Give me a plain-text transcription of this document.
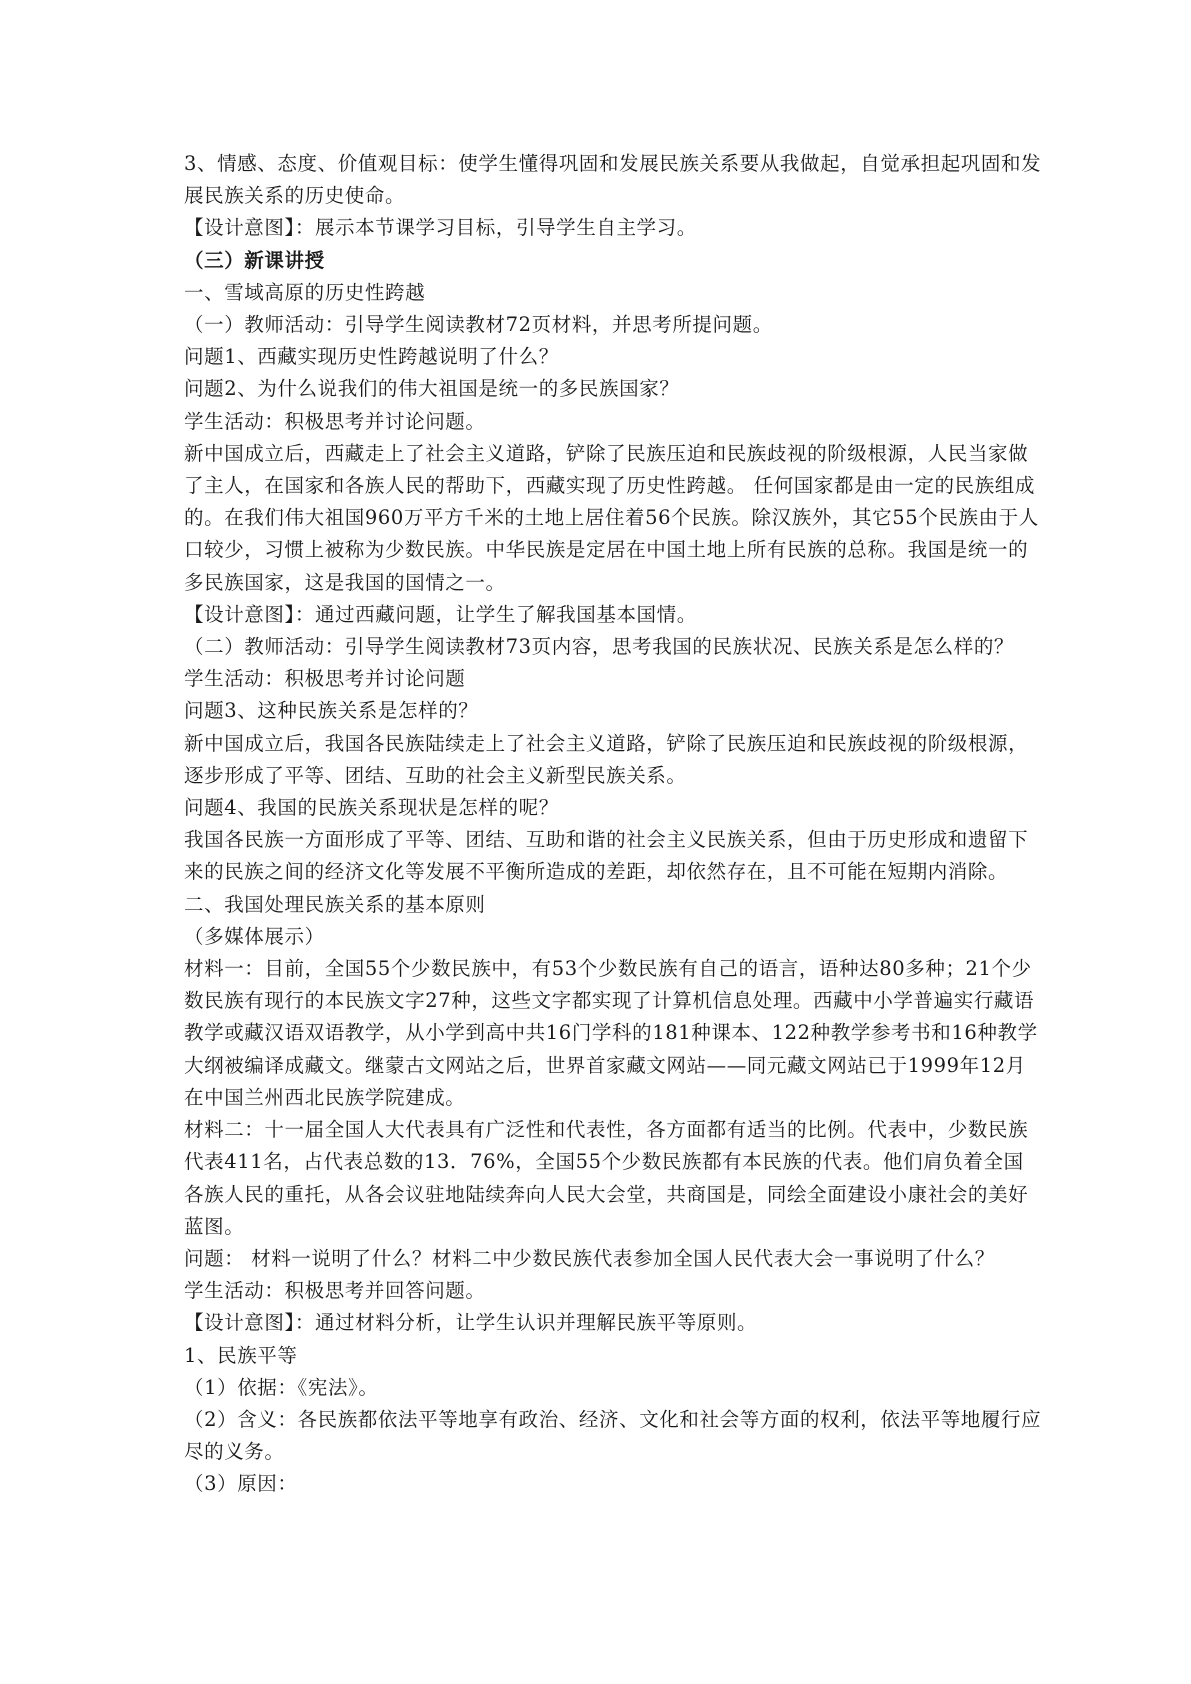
3、情感、态度、价值观目标：使学生懂得巩固和发展民族关系要从我做起，自觉承担起巩固和发展民族关系的历史使命。
【设计意图】：展示本节课学习目标，引导学生自主学习。
（三）新课讲授
一、雪域高原的历史性跨越
（一）教师活动：引导学生阅读教材72页材料，并思考所提问题。
问题1、西藏实现历史性跨越说明了什么？
问题2、为什么说我们的伟大祖国是统一的多民族国家？
学生活动：积极思考并讨论问题。
新中国成立后，西藏走上了社会主义道路，铲除了民族压迫和民族歧视的阶级根源，人民当家做了主人，在国家和各族人民的帮助下，西藏实现了历史性跨越。 任何国家都是由一定的民族组成的。在我们伟大祖国960万平方千米的土地上居住着56个民族。除汉族外，其它55个民族由于人口较少，习惯上被称为少数民族。中华民族是定居在中国土地上所有民族的总称。我国是统一的多民族国家，这是我国的国情之一。
【设计意图】：通过西藏问题，让学生了解我国基本国情。
（二）教师活动：引导学生阅读教材73页内容，思考我国的民族状况、民族关系是怎么样的？
学生活动：积极思考并讨论问题
问题3、这种民族关系是怎样的？
新中国成立后，我国各民族陆续走上了社会主义道路，铲除了民族压迫和民族歧视的阶级根源，逐步形成了平等、团结、互助的社会主义新型民族关系。
问题4、我国的民族关系现状是怎样的呢？
我国各民族一方面形成了平等、团结、互助和谐的社会主义民族关系，但由于历史形成和遗留下来的民族之间的经济文化等发展不平衡所造成的差距，却依然存在，且不可能在短期内消除。
二、我国处理民族关系的基本原则
（多媒体展示）
材料一：目前，全国55个少数民族中，有53个少数民族有自己的语言，语种达80多种；21个少数民族有现行的本民族文字27种，这些文字都实现了计算机信息处理。西藏中小学普遍实行藏语教学或藏汉语双语教学，从小学到高中共16门学科的181种课本、122种教学参考书和16种教学大纲被编译成藏文。继蒙古文网站之后，世界首家藏文网站——同元藏文网站已于1999年12月在中国兰州西北民族学院建成。
材料二：十一届全国人大代表具有广泛性和代表性，各方面都有适当的比例。代表中，少数民族代表411名，占代表总数的13．76%，全国55个少数民族都有本民族的代表。他们肩负着全国各族人民的重托，从各会议驻地陆续奔向人民大会堂，共商国是，同绘全面建设小康社会的美好蓝图。
问题： 材料一说明了什么？材料二中少数民族代表参加全国人民代表大会一事说明了什么？
学生活动：积极思考并回答问题。
【设计意图】：通过材料分析，让学生认识并理解民族平等原则。
1、民族平等
（1）依据：《宪法》。
（2）含义：各民族都依法平等地享有政治、经济、文化和社会等方面的权利，依法平等地履行应尽的义务。
（3）原因：
